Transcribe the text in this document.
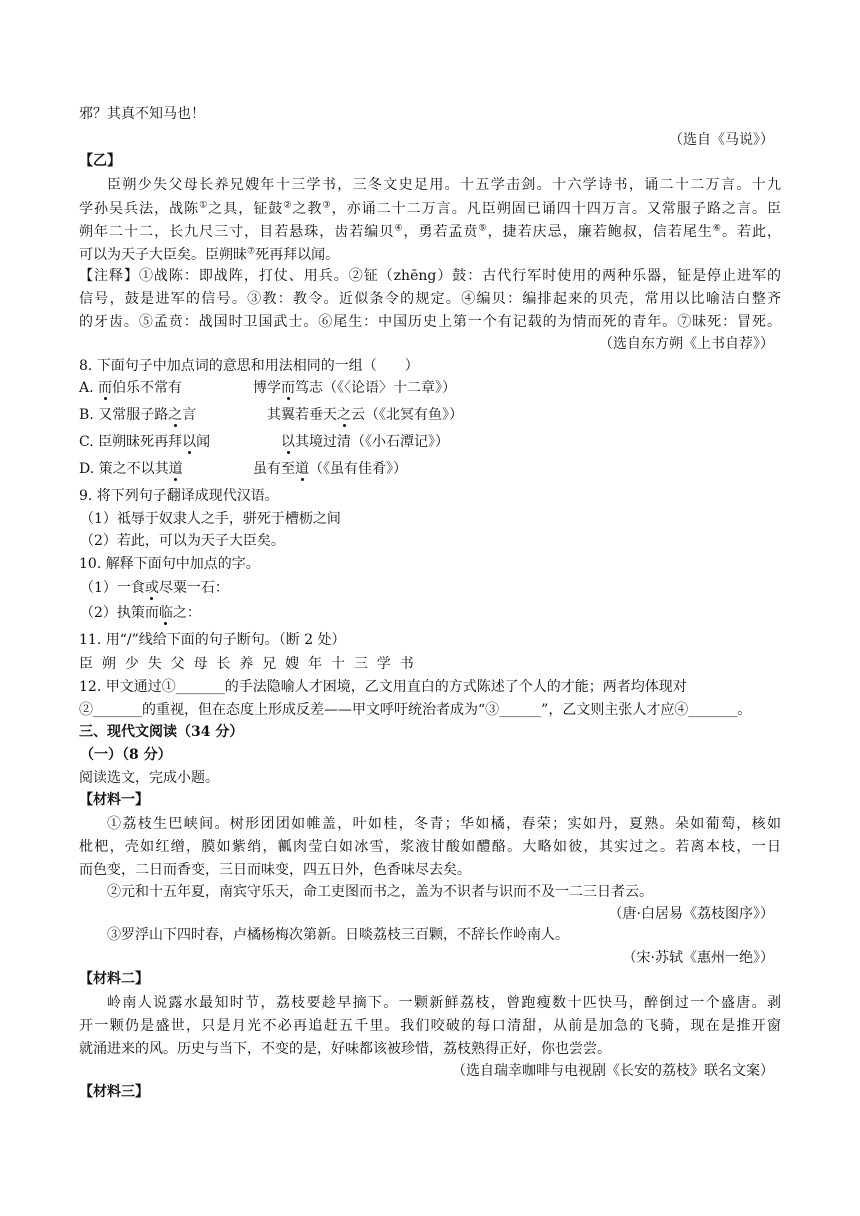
邪？其真不知马也！
（选自《马说》）
【乙】
臣朔少失父母长养兄嫂年十三学书，三冬文史足用。十五学击剑。十六学诗书，诵二十二万言。十九
学孙吴兵法，战陈①之具，钲鼓②之教③，亦诵二十二万言。凡臣朔固已诵四十四万言。又常服子路之言。臣
朔年二十二，长九尺三寸，目若悬珠，齿若编贝④，勇若孟贲⑤，捷若庆忌，廉若鲍叔，信若尾生⑥。若此，
可以为天子大臣矣。臣朔昧⑦死再拜以闻。
【注释】①战陈：即战阵，打仗、用兵。②钲（zhēng）鼓：古代行军时使用的两种乐器，钲是停止进军的
信号，鼓是进军的信号。③教：教令。近似条令的规定。④编贝：编排起来的贝壳，常用以比喻洁白整齐
的牙齿。⑤孟贲：战国时卫国武士。⑥尾生：中国历史上第一个有记载的为情而死的青年。⑦昧死：冒死。
（选自东方朔《上书自荐》）
8. 下面句子中加点词的意思和用法相同的一组（　　）
A. 而伯乐不常有	博学而笃志（《〈论语〉十二章》）
B. 又常服子路之言	其翼若垂天之云（《北冥有鱼》）
C. 臣朔昧死再拜以闻	以其境过清（《小石潭记》）
D. 策之不以其道	虽有至道（《虽有佳肴》）
9. 将下列句子翻译成现代汉语。
（1）祗辱于奴隶人之手，骈死于槽枥之间
（2）若此，可以为天子大臣矣。
10. 解释下面句中加点的字。
（1）一食或尽粟一石：
（2）执策而临之：
11. 用“/”线给下面的句子断句。（断 2 处）
臣 朔 少 失 父 母 长 养 兄 嫂 年 十 三 学 书
12. 甲文通过①_______的手法隐喻人才困境，乙文用直白的方式陈述了个人的才能；两者均体现对
②_______的重视，但在态度上形成反差——甲文呼吁统治者成为“③______”，乙文则主张人才应④_______。
三、现代文阅读（34 分）
（一）（8 分）
阅读选文，完成小题。
【材料一】
①荔枝生巴峡间。树形团团如帷盖，叶如桂，冬青；华如橘，春荣；实如丹，夏熟。朵如葡萄，核如
枇杷，壳如红缯，膜如紫绡，瓤肉莹白如冰雪，浆液甘酸如醴酪。大略如彼，其实过之。若离本枝，一日
而色变，二日而香变，三日而味变，四五日外，色香味尽去矣。
②元和十五年夏，南宾守乐天，命工吏图而书之，盖为不识者与识而不及一二三日者云。
（唐·白居易《荔枝图序》）
③罗浮山下四时春，卢橘杨梅次第新。日啖荔枝三百颗，不辞长作岭南人。
（宋·苏轼《惠州一绝》）
【材料二】
岭南人说露水最知时节，荔枝要趁早摘下。一颗新鲜荔枝，曾跑瘦数十匹快马，醉倒过一个盛唐。剥
开一颗仍是盛世，只是月光不必再追赶五千里。我们咬破的每口清甜，从前是加急的飞骑，现在是推开窗
就涌进来的风。历史与当下，不变的是，好味都该被珍惜，荔枝熟得正好，你也尝尝。
（选自瑞幸咖啡与电视剧《长安的荔枝》联名文案）
【材料三】
